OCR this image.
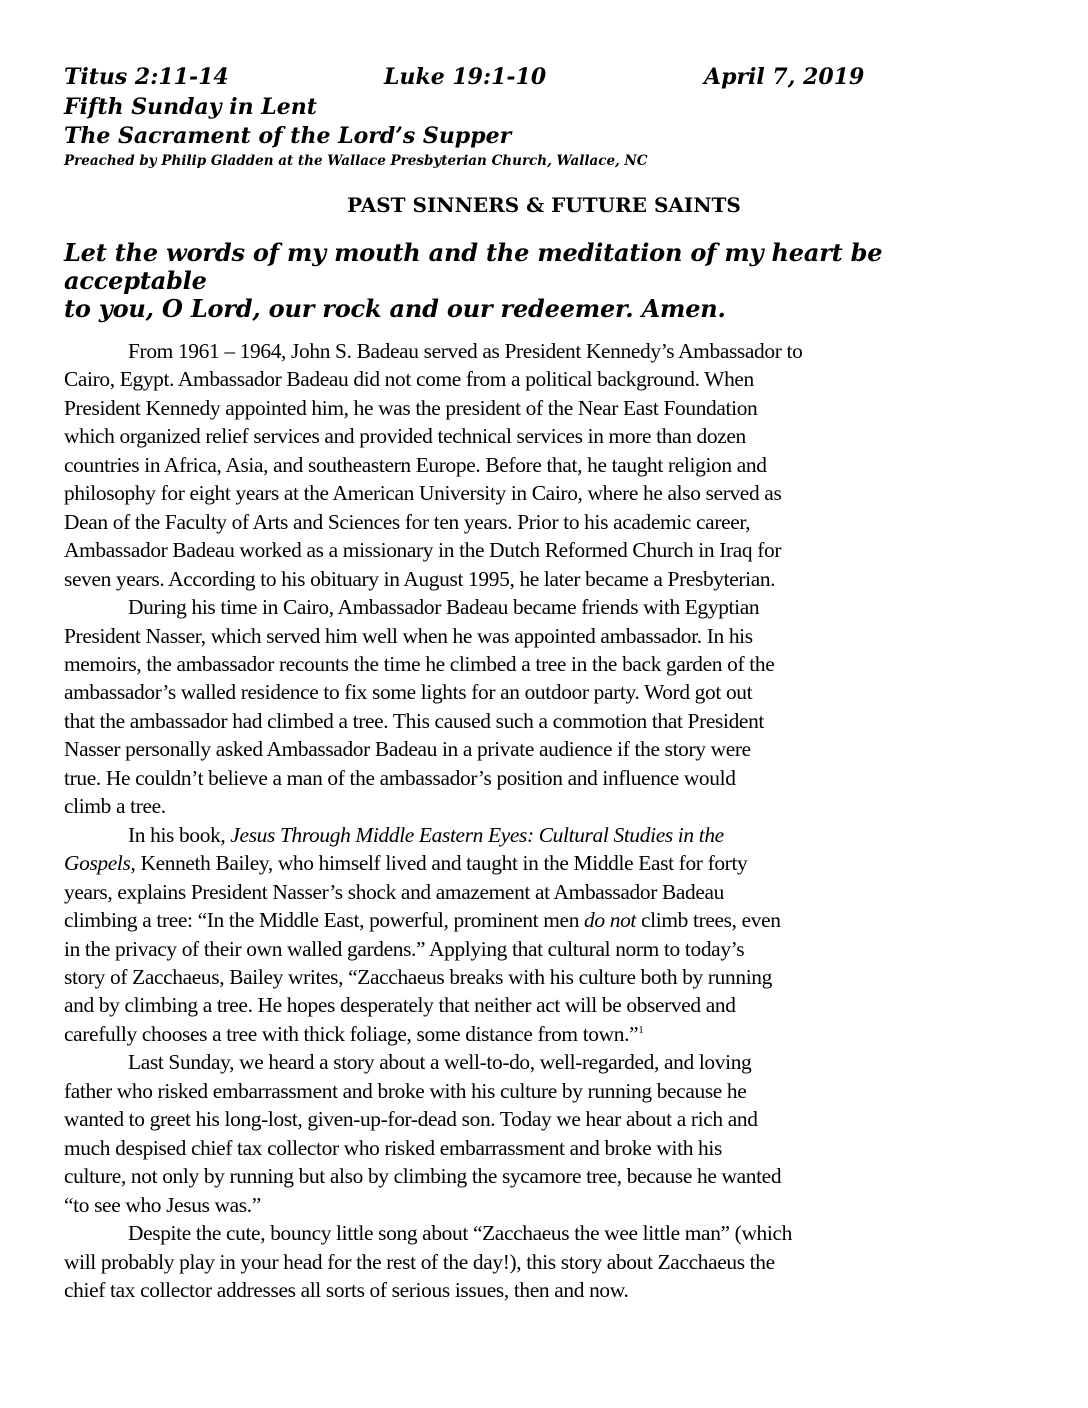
Titus 2:11-14	Luke 19:1-10	April 7, 2019
Fifth Sunday in Lent
The Sacrament of the Lord’s Supper
Preached by Philip Gladden at the Wallace Presbyterian Church, Wallace, NC
PAST SINNERS & FUTURE SAINTS
Let the words of my mouth and the meditation of my heart be acceptable
to you, O Lord, our rock and our redeemer. Amen.
From 1961 – 1964, John S. Badeau served as President Kennedy’s Ambassador to
Cairo, Egypt. Ambassador Badeau did not come from a political background. When
President Kennedy appointed him, he was the president of the Near East Foundation
which organized relief services and provided technical services in more than dozen
countries in Africa, Asia, and southeastern Europe. Before that, he taught religion and
philosophy for eight years at the American University in Cairo, where he also served as
Dean of the Faculty of Arts and Sciences for ten years. Prior to his academic career,
Ambassador Badeau worked as a missionary in the Dutch Reformed Church in Iraq for
seven years. According to his obituary in August 1995, he later became a Presbyterian.
During his time in Cairo, Ambassador Badeau became friends with Egyptian
President Nasser, which served him well when he was appointed ambassador. In his
memoirs, the ambassador recounts the time he climbed a tree in the back garden of the
ambassador’s walled residence to fix some lights for an outdoor party. Word got out
that the ambassador had climbed a tree. This caused such a commotion that President
Nasser personally asked Ambassador Badeau in a private audience if the story were
true. He couldn’t believe a man of the ambassador’s position and influence would
climb a tree.
In his book, Jesus Through Middle Eastern Eyes: Cultural Studies in the
Gospels, Kenneth Bailey, who himself lived and taught in the Middle East for forty
years, explains President Nasser’s shock and amazement at Ambassador Badeau
climbing a tree: “In the Middle East, powerful, prominent men do not climb trees, even
in the privacy of their own walled gardens.” Applying that cultural norm to today’s
story of Zacchaeus, Bailey writes, “Zacchaeus breaks with his culture both by running
and by climbing a tree. He hopes desperately that neither act will be observed and
carefully chooses a tree with thick foliage, some distance from town.”$^1$
Last Sunday, we heard a story about a well-to-do, well-regarded, and loving
father who risked embarrassment and broke with his culture by running because he
wanted to greet his long-lost, given-up-for-dead son. Today we hear about a rich and
much despised chief tax collector who risked embarrassment and broke with his
culture, not only by running but also by climbing the sycamore tree, because he wanted
“to see who Jesus was.”
Despite the cute, bouncy little song about “Zacchaeus the wee little man” (which
will probably play in your head for the rest of the day!), this story about Zacchaeus the
chief tax collector addresses all sorts of serious issues, then and now.
